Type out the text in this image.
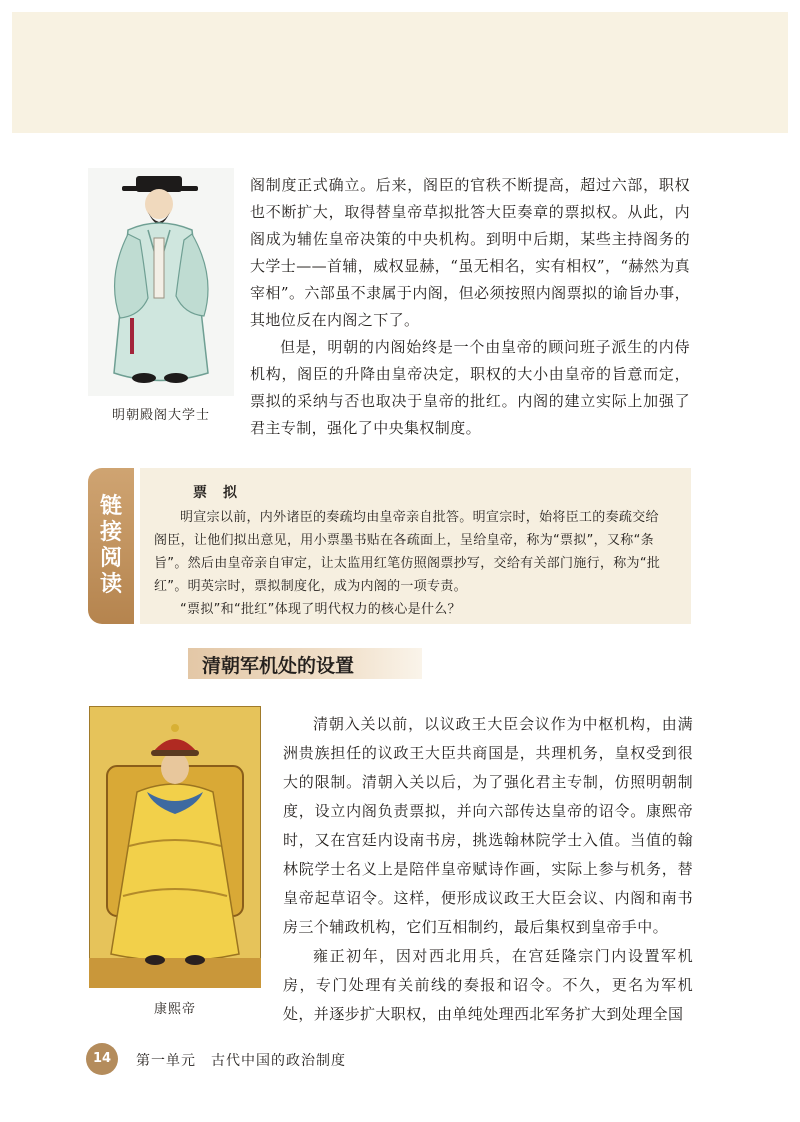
明朝殿阁大学士

阁制度正式确立。后来，阁臣的官秩不断提高，超过六部，职权也不断扩大，取得替皇帝草拟批答大臣奏章的票拟权。从此，内阁成为辅佐皇帝决策的中央机构。到明中后期，某些主持阁务的大学士——首辅，威权显赫，“虽无相名，实有相权”，“赫然为真宰相”。六部虽不隶属于内阁，但必须按照内阁票拟的谕旨办事，其地位反在内阁之下了。

但是，明朝的内阁始终是一个由皇帝的顾问班子派生的内侍机构，阁臣的升降由皇帝决定，职权的大小由皇帝的旨意而定，票拟的采纳与否也取决于皇帝的批红。内阁的建立实际上加强了君主专制，强化了中央集权制度。

链
接
阅
读
票拟

明宣宗以前，内外诸臣的奏疏均由皇帝亲自批答。明宣宗时，始将臣工的奏疏交给阁臣，让他们拟出意见，用小票墨书贴在各疏面上，呈给皇帝，称为“票拟”，又称“条旨”。然后由皇帝亲自审定，让太监用红笔仿照阁票抄写，交给有关部门施行，称为“批红”。明英宗时，票拟制度化，成为内阁的一项专责。

“票拟”和“批红”体现了明代权力的核心是什么？

清朝军机处的设置
康熙帝

清朝入关以前，以议政王大臣会议作为中枢机构，由满洲贵族担任的议政王大臣共商国是，共理机务，皇权受到很大的限制。清朝入关以后，为了强化君主专制，仿照明朝制度，设立内阁负责票拟，并向六部传达皇帝的诏令。康熙帝时，又在宫廷内设南书房，挑选翰林院学士入值。当值的翰林院学士名义上是陪伴皇帝赋诗作画，实际上参与机务，替皇帝起草诏令。这样，便形成议政王大臣会议、内阁和南书房三个辅政机构，它们互相制约，最后集权到皇帝手中。

雍正初年，因对西北用兵，在宫廷隆宗门内设置军机房，专门处理有关前线的奏报和诏令。不久，更名为军机处，并逐步扩大职权，由单纯处理西北军务扩大到处理全国

14	第一单元　古代中国的政治制度
